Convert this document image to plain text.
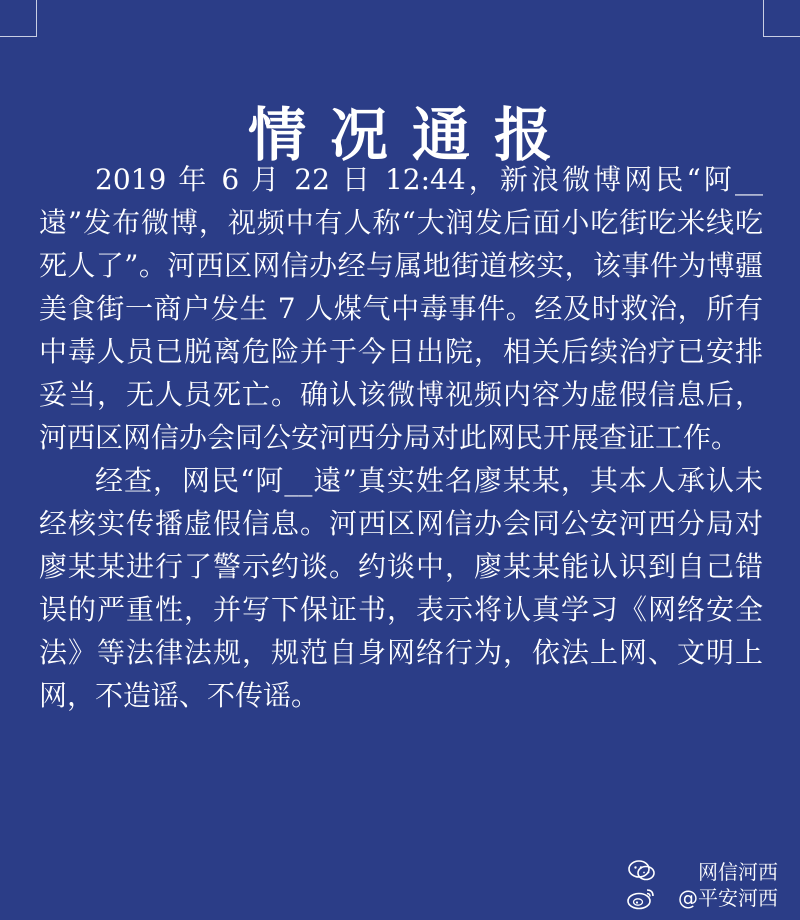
情况通报

2019 年 6 月 22 日 12:44，新浪微博网民“阿__遠”发布微博，视频中有人称“大润发后面小吃街吃米线吃死人了”。河西区网信办经与属地街道核实，该事件为博疆美食街一商户发生 7 人煤气中毒事件。经及时救治，所有中毒人员已脱离危险并于今日出院，相关后续治疗已安排妥当，无人员死亡。确认该微博视频内容为虚假信息后，河西区网信办会同公安河西分局对此网民开展查证工作。

经查，网民“阿__遠”真实姓名廖某某，其本人承认未经核实传播虚假信息。河西区网信办会同公安河西分局对廖某某进行了警示约谈。约谈中，廖某某能认识到自己错误的严重性，并写下保证书，表示将认真学习《网络安全法》等法律法规，规范自身网络行为，依法上网、文明上网，不造谣、不传谣。

网信河西
@平安河西
